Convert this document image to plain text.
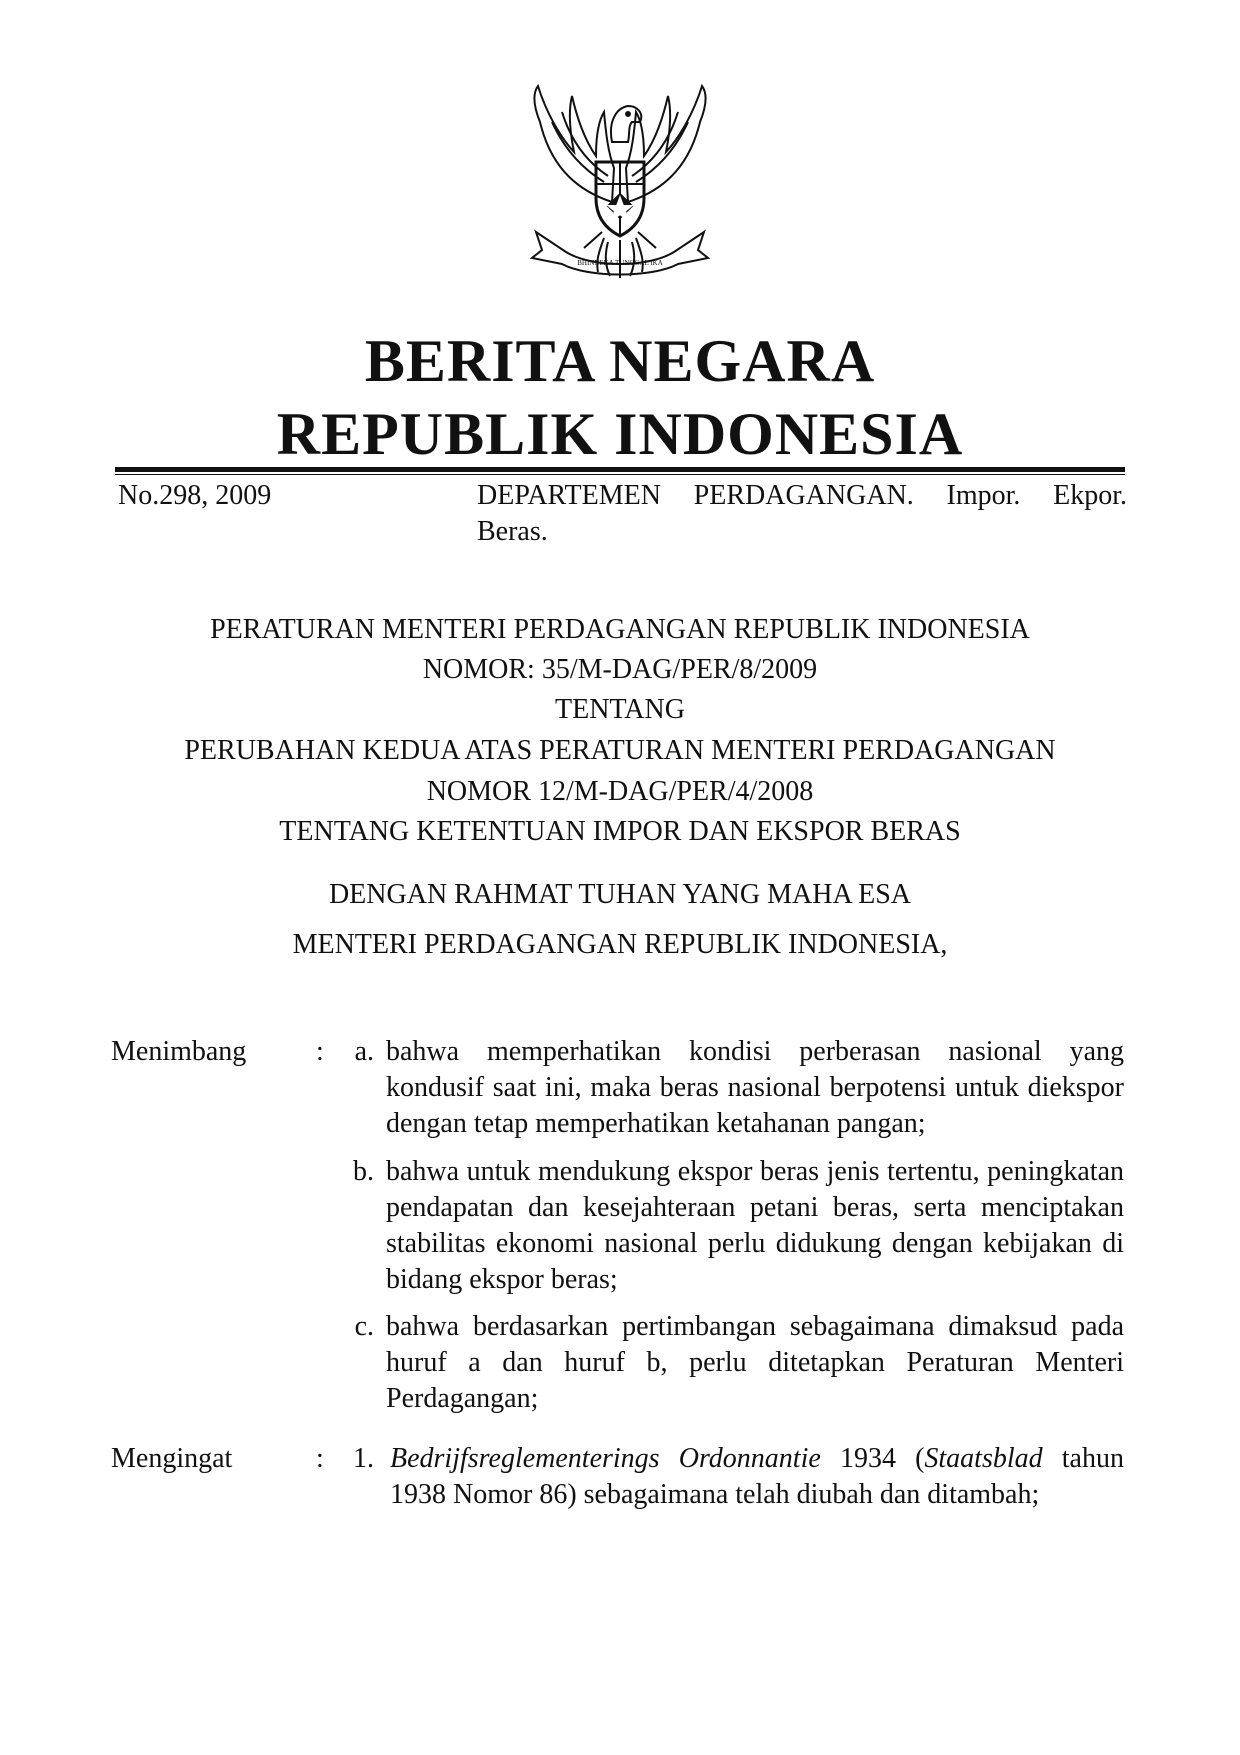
BHINNEKA TUNGGAL IKA
BERITA NEGARA
REPUBLIK INDONESIA
No.298, 2009	DEPARTEMEN PERDAGANGAN. Impor. Ekpor.
Beras.
PERATURAN MENTERI PERDAGANGAN REPUBLIK INDONESIA
NOMOR: 35/M-DAG/PER/8/2009
TENTANG
PERUBAHAN KEDUA ATAS PERATURAN MENTERI PERDAGANGAN
NOMOR 12/M-DAG/PER/4/2008
TENTANG KETENTUAN IMPOR DAN EKSPOR BERAS
DENGAN RAHMAT TUHAN YANG MAHA ESA
MENTERI PERDAGANGAN REPUBLIK INDONESIA,
Menimbang :	a. bahwa memperhatikan kondisi perberasan nasional yang kondusif saat ini, maka beras nasional berpotensi untuk diekspor dengan tetap memperhatikan ketahanan pangan;
b. bahwa untuk mendukung ekspor beras jenis tertentu, peningkatan pendapatan dan kesejahteraan petani beras, serta menciptakan stabilitas ekonomi nasional perlu didukung dengan kebijakan di bidang ekspor beras;
c. bahwa berdasarkan pertimbangan sebagaimana dimaksud pada huruf a dan huruf b, perlu ditetapkan Peraturan Menteri Perdagangan;
Mengingat	:	1. Bedrijfsreglementerings Ordonnantie 1934 (Staatsblad tahun 1938 Nomor 86) sebagaimana telah diubah dan ditambah;
